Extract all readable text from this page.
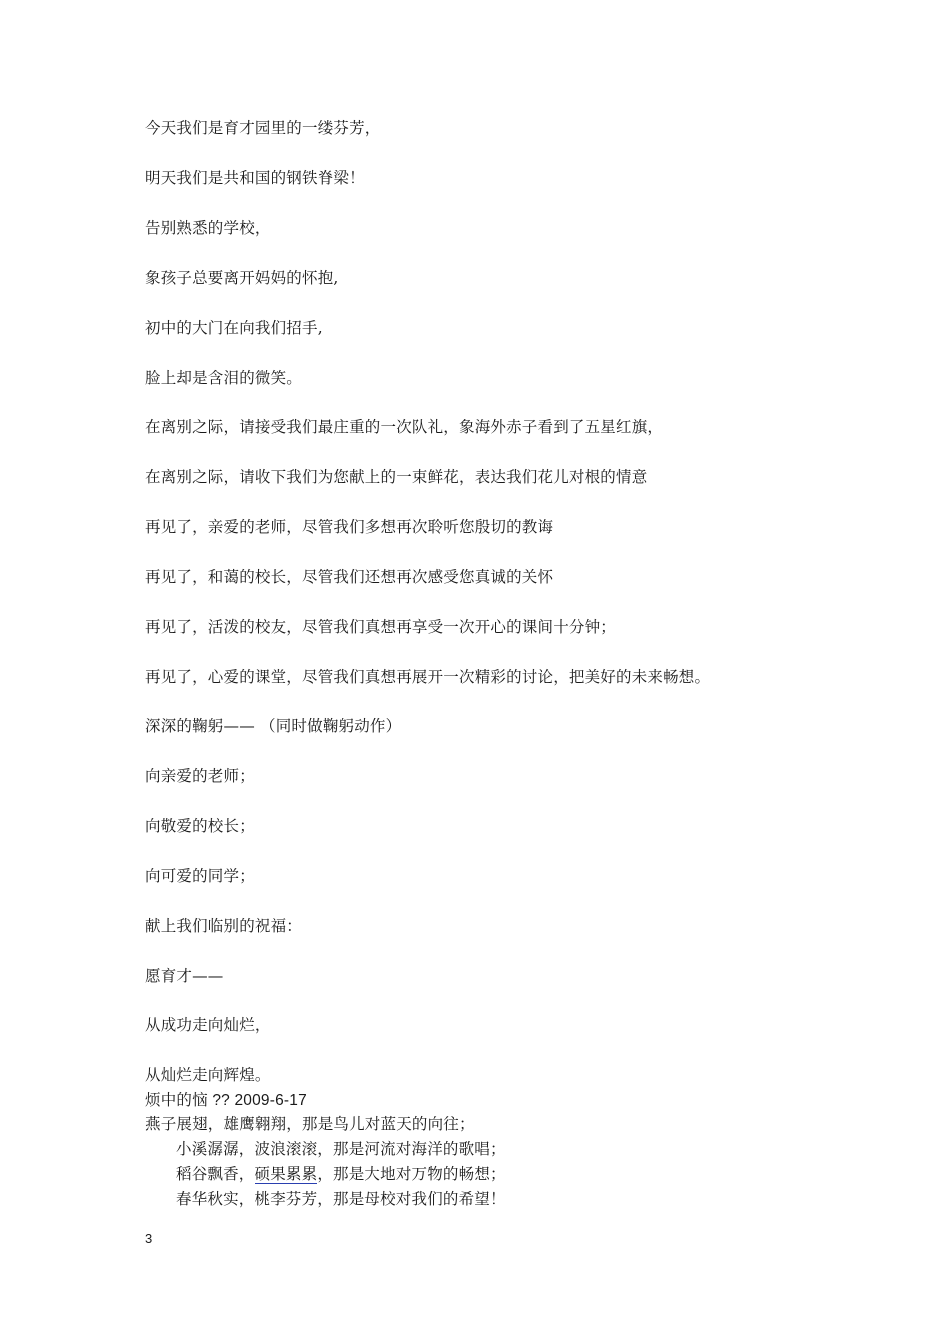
今天我们是育才园里的一缕芬芳，
明天我们是共和国的钢铁脊梁！
告别熟悉的学校，
象孩子总要离开妈妈的怀抱,
初中的大门在向我们招手,
脸上却是含泪的微笑。
在离别之际，请接受我们最庄重的一次队礼，象海外赤子看到了五星红旗，
在离别之际，请收下我们为您献上的一束鲜花，表达我们花儿对根的情意
再见了，亲爱的老师，尽管我们多想再次聆听您殷切的教诲
再见了，和蔼的校长，尽管我们还想再次感受您真诚的关怀
再见了，活泼的校友，尽管我们真想再享受一次开心的课间十分钟；
再见了，心爱的课堂，尽管我们真想再展开一次精彩的讨论，把美好的未来畅想。
深深的鞠躬—— （同时做鞠躬动作）
向亲爱的老师；
向敬爱的校长；
向可爱的同学；
献上我们临别的祝福：
愿育才——
从成功走向灿烂，
从灿烂走向辉煌。
烦中的恼 ?? 2009-6-17
燕子展翅，雄鹰翱翔，那是鸟儿对蓝天的向往；
小溪潺潺，波浪滚滚，那是河流对海洋的歌唱；
稻谷飘香，硕果累累，那是大地对万物的畅想；
春华秋实，桃李芬芳，那是母校对我们的希望！
3
